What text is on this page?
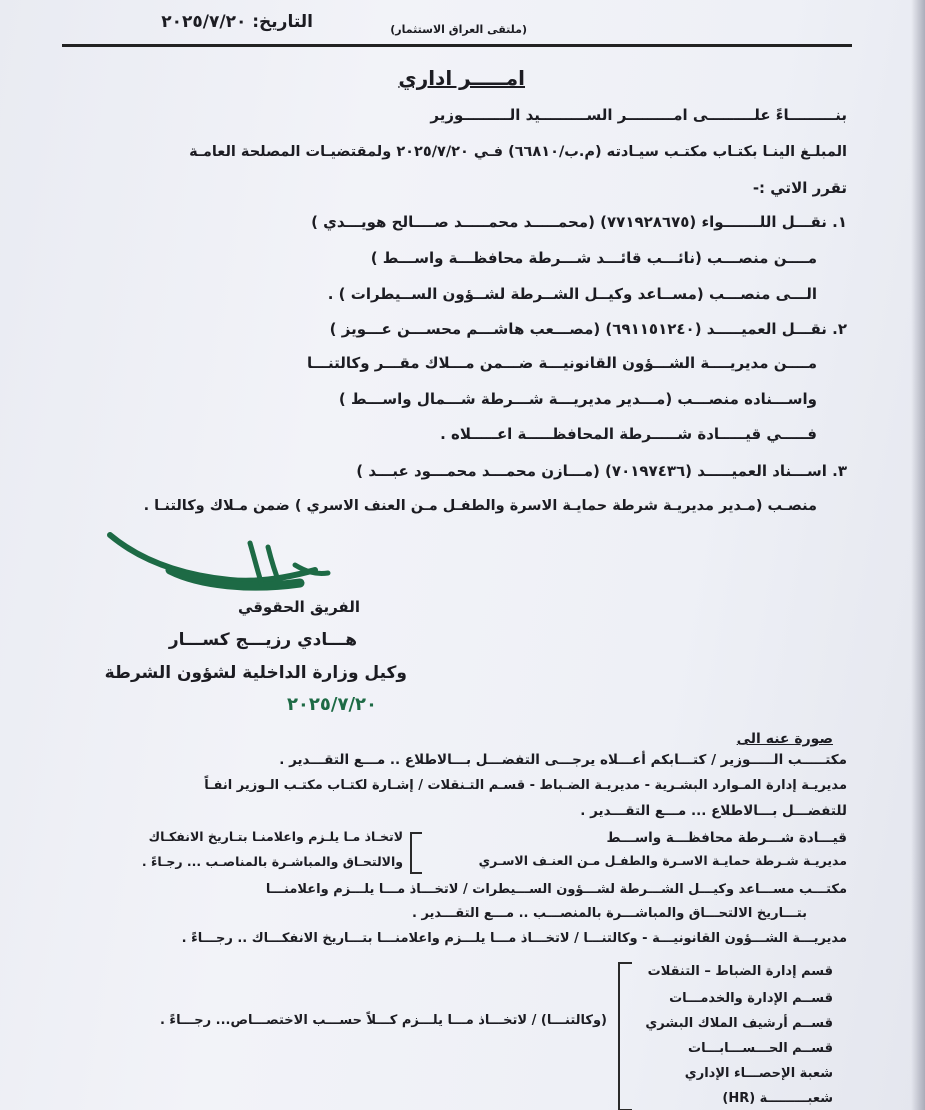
التاريخ: ٢٠٢٥/٧/٢٠	(ملتقى العراق الاستثمار)
امـــــر اداري
بنـــــــــاءً علـــــــــى امـــــــــر الســـــــــيد الـــــــــوزير
المبلـغ الينـا بكتـاب مكتـب سيـادته (م.ب/٦٦٨١٠) فـي ٢٠٢٥/٧/٢٠ ولمقتضيـات المصلحة العامـة
تقرر الاتي :-
١. نقـــل اللـــــــواء (٧٧١٩٢٨٦٧٥) (محمـــــد محمـــــد صــــالح هويـــدي )
مــــن منصـــب (نائـــب قائـــد شـــرطة محافظـــة واســـط )
الـــى منصـــب (مســاعد وكيــل الشــرطة لشــؤون الســيطرات ) .
٢. نقـــل العميـــــد (٦٩١١٥١٢٤٠) (مصـــعب هاشـــم محســـن عـــويز )
مــــن مديريــــة الشـــؤون القانونيـــة ضـــمن مـــلاك مقـــر وكالتنـــا
واســـناده منصـــب (مـــدير مديريـــة شـــرطة شـــمال واســـط )
فـــــي قيـــــادة شـــــرطة المحافظـــــة اعـــــلاه .
٣. اســـناد العميـــــد (٧٠١٩٧٤٣٦) (مـــازن محمـــد محمـــود عبـــد )
منصـب (مـدير مديريـة شرطة حمايـة الاسرة والطفـل مـن العنف الاسري ) ضمن مـلاك وكالتنـا .
الفريق الحقوقي
هـــادي رزيـــج كســـار
وكيل وزارة الداخلية لشؤون الشرطة
٢٠٢٥/٧/٢٠
صورة عنه الى
مكتـــــب الـــــوزير / كتـــابكم أعـــلاه يرجـــى التفضـــل بـــالاطلاع .. مـــع التقـــدير .
مديريـة إدارة المـوارد البشـرية - مديريـة الضـباط - قسـم التـنقلات / إشـارة لكتـاب مكتـب الـوزير انفـاً
للتفضـــل بـــالاطلاع ... مـــع التقـــدير .
قيـــادة شـــرطة محافظـــة واســـط
مديريـة شـرطة حمايـة الاسـرة والطفـل مـن العنـف الاسـري
لاتخـاذ مـا يلـزم واعلامنـا بتـاريخ الانفكـاك
والالتحـاق والمباشـرة بالمناصـب ... رجـاءً .
مكتـــب مســـاعد وكيـــل الشـــرطة لشـــؤون الســـيطرات / لاتخـــاذ مـــا يلـــزم واعلامنـــا
بتـــاريخ الالتحـــاق والمباشـــرة بالمنصـــب .. مـــع التقـــدير .
مديريـــة الشـــؤون القانونيـــة - وكالتنـــا / لاتخـــاذ مـــا يلـــزم واعلامنـــا بتـــاريخ الانفكـــاك .. رجـــاءً .
قسم إدارة الضباط – التنقلات
قســم الإدارة والخدمـــات
قســم أرشيف الملاك البشري
قســم الحـــســـابـــات
شعبة الإحصـــاء الإداري
شعبـــــــــة (HR)
(وكالتنـــا) / لاتخـــاذ مـــا يلـــزم كـــلاً حســـب الاختصـــاص... رجـــاءً .
